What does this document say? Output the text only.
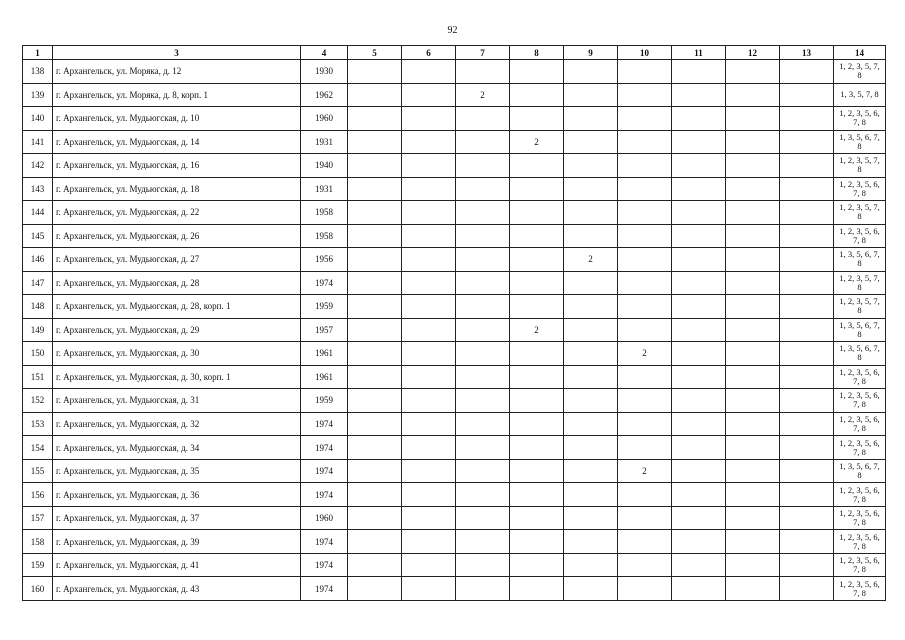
92
1	3	4	5	6	7	8	9	10	11	12	13	14
138	г. Архангельск, ул. Моряка, д. 12	1930										1, 2, 3, 5, 7, 8
139	г. Архангельск, ул. Моряка, д. 8, корп. 1	1962			2							1, 3, 5, 7, 8
140	г. Архангельск, ул. Мудьюгская, д. 10	1960										1, 2, 3, 5, 6, 7, 8
141	г. Архангельск, ул. Мудьюгская, д. 14	1931				2						1, 3, 5, 6, 7, 8
142	г. Архангельск, ул. Мудьюгская, д. 16	1940										1, 2, 3, 5, 7, 8
143	г. Архангельск, ул. Мудьюгская, д. 18	1931										1, 2, 3, 5, 6, 7, 8
144	г. Архангельск, ул. Мудьюгская, д. 22	1958										1, 2, 3, 5, 7, 8
145	г. Архангельск, ул. Мудьюгская, д. 26	1958										1, 2, 3, 5, 6, 7, 8
146	г. Архангельск, ул. Мудьюгская, д. 27	1956					2					1, 3, 5, 6, 7, 8
147	г. Архангельск, ул. Мудьюгская, д. 28	1974										1, 2, 3, 5, 7, 8
148	г. Архангельск, ул. Мудьюгская, д. 28, корп. 1	1959										1, 2, 3, 5, 7, 8
149	г. Архангельск, ул. Мудьюгская, д. 29	1957				2						1, 3, 5, 6, 7, 8
150	г. Архангельск, ул. Мудьюгская, д. 30	1961						2				1, 3, 5, 6, 7, 8
151	г. Архангельск, ул. Мудьюгская, д. 30, корп. 1	1961										1, 2, 3, 5, 6, 7, 8
152	г. Архангельск, ул. Мудьюгская, д. 31	1959										1, 2, 3, 5, 6, 7, 8
153	г. Архангельск, ул. Мудьюгская, д. 32	1974										1, 2, 3, 5, 6, 7, 8
154	г. Архангельск, ул. Мудьюгская, д. 34	1974										1, 2, 3, 5, 6, 7, 8
155	г. Архангельск, ул. Мудьюгская, д. 35	1974						2				1, 3, 5, 6, 7, 8
156	г. Архангельск, ул. Мудьюгская, д. 36	1974										1, 2, 3, 5, 6, 7, 8
157	г. Архангельск, ул. Мудьюгская, д. 37	1960										1, 2, 3, 5, 6, 7, 8
158	г. Архангельск, ул. Мудьюгская, д. 39	1974										1, 2, 3, 5, 6, 7, 8
159	г. Архангельск, ул. Мудьюгская, д. 41	1974										1, 2, 3, 5, 6, 7, 8
160	г. Архангельск, ул. Мудьюгская, д. 43	1974										1, 2, 3, 5, 6, 7, 8
